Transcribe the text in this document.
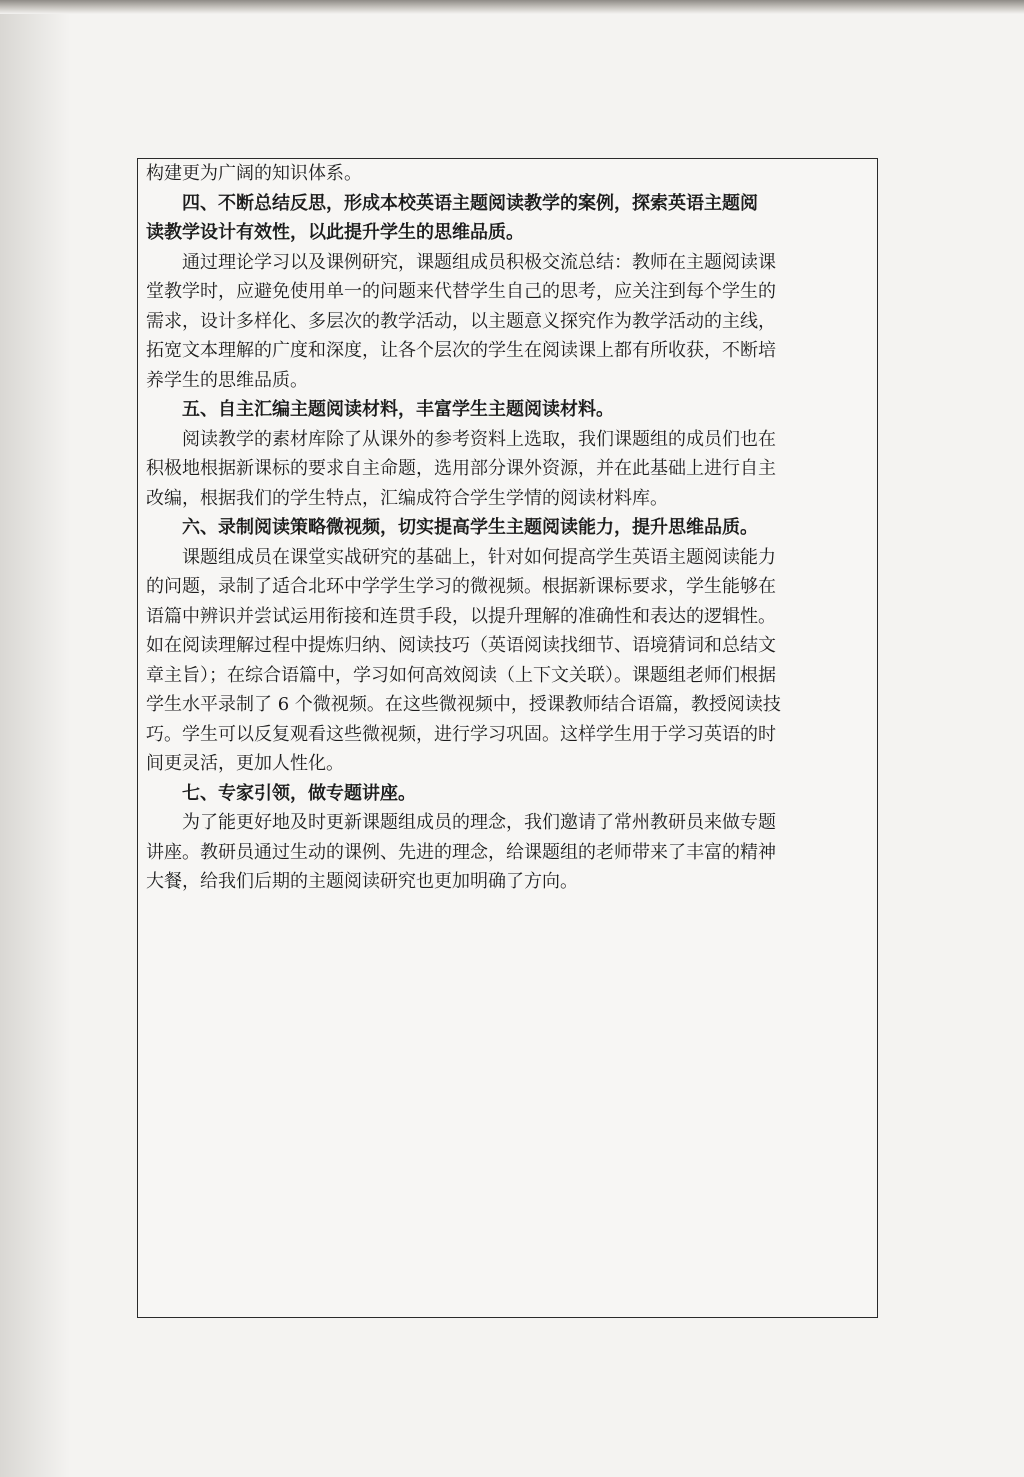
构建更为广阔的知识体系。
四、不断总结反思，形成本校英语主题阅读教学的案例，探索英语主题阅
读教学设计有效性，以此提升学生的思维品质。
通过理论学习以及课例研究，课题组成员积极交流总结：教师在主题阅读课
堂教学时，应避免使用单一的问题来代替学生自己的思考，应关注到每个学生的
需求，设计多样化、多层次的教学活动，以主题意义探究作为教学活动的主线，
拓宽文本理解的广度和深度，让各个层次的学生在阅读课上都有所收获，不断培
养学生的思维品质。
五、自主汇编主题阅读材料，丰富学生主题阅读材料。
阅读教学的素材库除了从课外的参考资料上选取，我们课题组的成员们也在
积极地根据新课标的要求自主命题，选用部分课外资源，并在此基础上进行自主
改编，根据我们的学生特点，汇编成符合学生学情的阅读材料库。
六、录制阅读策略微视频，切实提高学生主题阅读能力，提升思维品质。
课题组成员在课堂实战研究的基础上，针对如何提高学生英语主题阅读能力
的问题，录制了适合北环中学学生学习的微视频。根据新课标要求，学生能够在
语篇中辨识并尝试运用衔接和连贯手段，以提升理解的准确性和表达的逻辑性。
如在阅读理解过程中提炼归纳、阅读技巧（英语阅读找细节、语境猜词和总结文
章主旨）；在综合语篇中，学习如何高效阅读（上下文关联）。课题组老师们根据
学生水平录制了 6 个微视频。在这些微视频中，授课教师结合语篇，教授阅读技
巧。学生可以反复观看这些微视频，进行学习巩固。这样学生用于学习英语的时
间更灵活，更加人性化。
七、专家引领，做专题讲座。
为了能更好地及时更新课题组成员的理念，我们邀请了常州教研员来做专题
讲座。教研员通过生动的课例、先进的理念，给课题组的老师带来了丰富的精神
大餐，给我们后期的主题阅读研究也更加明确了方向。
